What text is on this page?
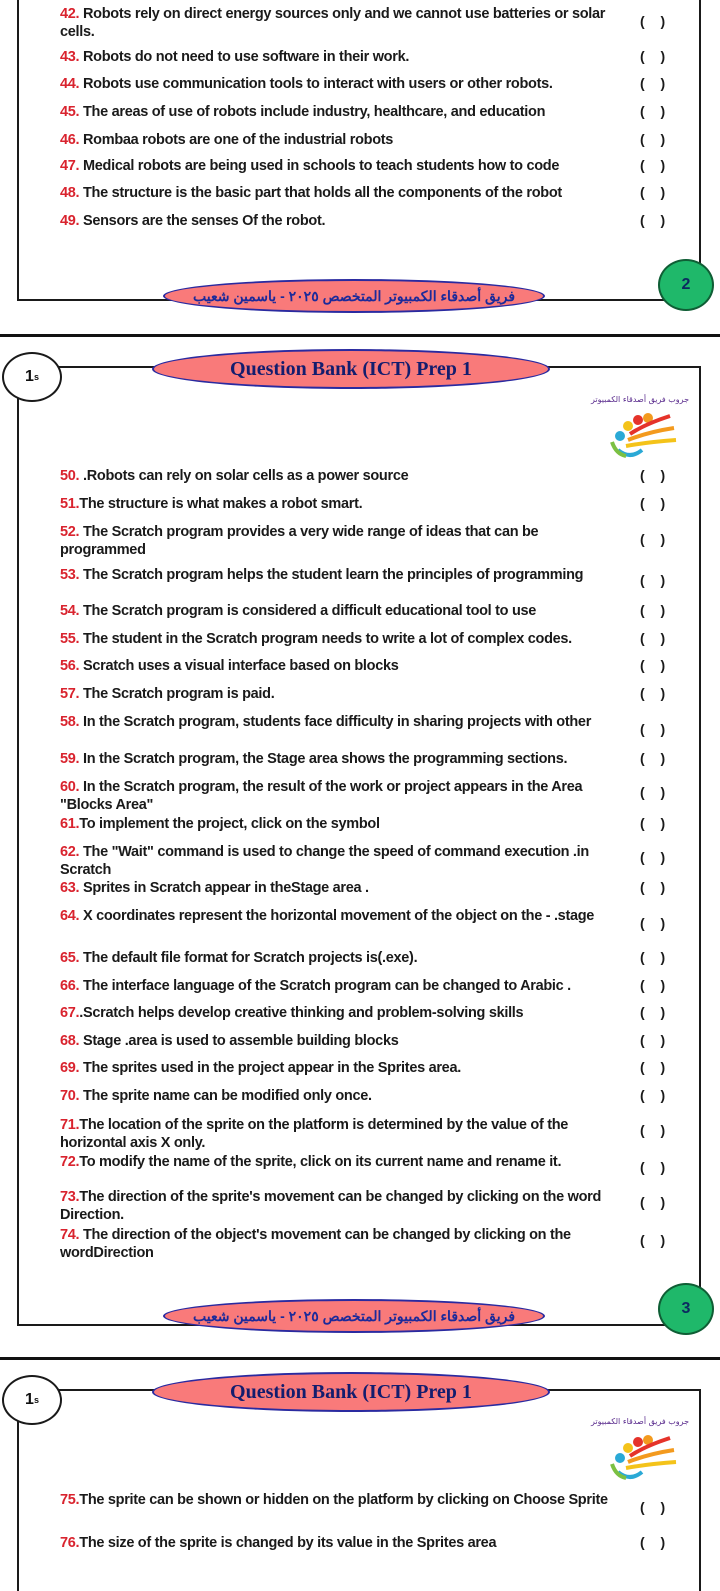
42. Robots rely on direct energy sources only and we cannot use batteries or solar cells.
( )
43. Robots do not need to use software in their work.	( )
44. Robots use communication tools to interact with users or other robots.	( )
45. The areas of use of robots include industry, healthcare, and education	( )
46. Rombaa robots are one of the industrial robots	( )
47. Medical robots are being used in schools to teach students how to code	( )
48. The structure is the basic part that holds all the components of the robot	( )
49. Sensors are the senses Of the robot.	( )
فريق أصدقاء الكمبيوتر المتخصص ٢٠٢٥ - ياسمين شعيب
2
1 s	Question Bank (ICT) Prep 1
جروب فريق أصدقاء الكمبيوتر
50. .Robots can rely on solar cells as a power source	( )
51.The structure is what makes a robot smart.	( )
52. The Scratch program provides a very wide range of ideas that can be programmed
( )
53. The Scratch program helps the student learn the principles of programming	( )
54. The Scratch program is considered a difficult educational tool to use	( )
55. The student in the Scratch program needs to write a lot of complex codes.	( )
56. Scratch uses a visual interface based on blocks	( )
57. The Scratch program is paid.	( )
58. In the Scratch program, students face difficulty in sharing projects with other	( )
59. In the Scratch program, the Stage area shows the programming sections.	( )
60. In the Scratch program, the result of the work or project appears in the Area "Blocks Area"
( )
61.To implement the project, click on the symbol	( )
62. The "Wait" command is used to change the speed of command execution .in Scratch
( )
63. Sprites in Scratch appear in theStage area .	( )
64. X coordinates represent the horizontal movement of the object on the - .stage	( )
65. The default file format for Scratch projects is(.exe).	( )
66. The interface language of the Scratch program can be changed to Arabic .	( )
67..Scratch helps develop creative thinking and problem-solving skills	( )
68. Stage .area is used to assemble building blocks	( )
69. The sprites used in the project appear in the Sprites area.	( )
70. The sprite name can be modified only once.	( )
71.The location of the sprite on the platform is determined by the value of the horizontal axis X only.
( )
72.To modify the name of the sprite, click on its current name and rename it.	( )
73.The direction of the sprite's movement can be changed by clicking on the word Direction.
( )
74. The direction of the object's movement can be changed by clicking on the wordDirection
( )
فريق أصدقاء الكمبيوتر المتخصص ٢٠٢٥ - ياسمين شعيب	3
1 s	Question Bank (ICT) Prep 1
جروب فريق أصدقاء الكمبيوتر
75.The sprite can be shown or hidden on the platform by clicking on Choose Sprite	( )
76.The size of the sprite is changed by its value in the Sprites area	( )
